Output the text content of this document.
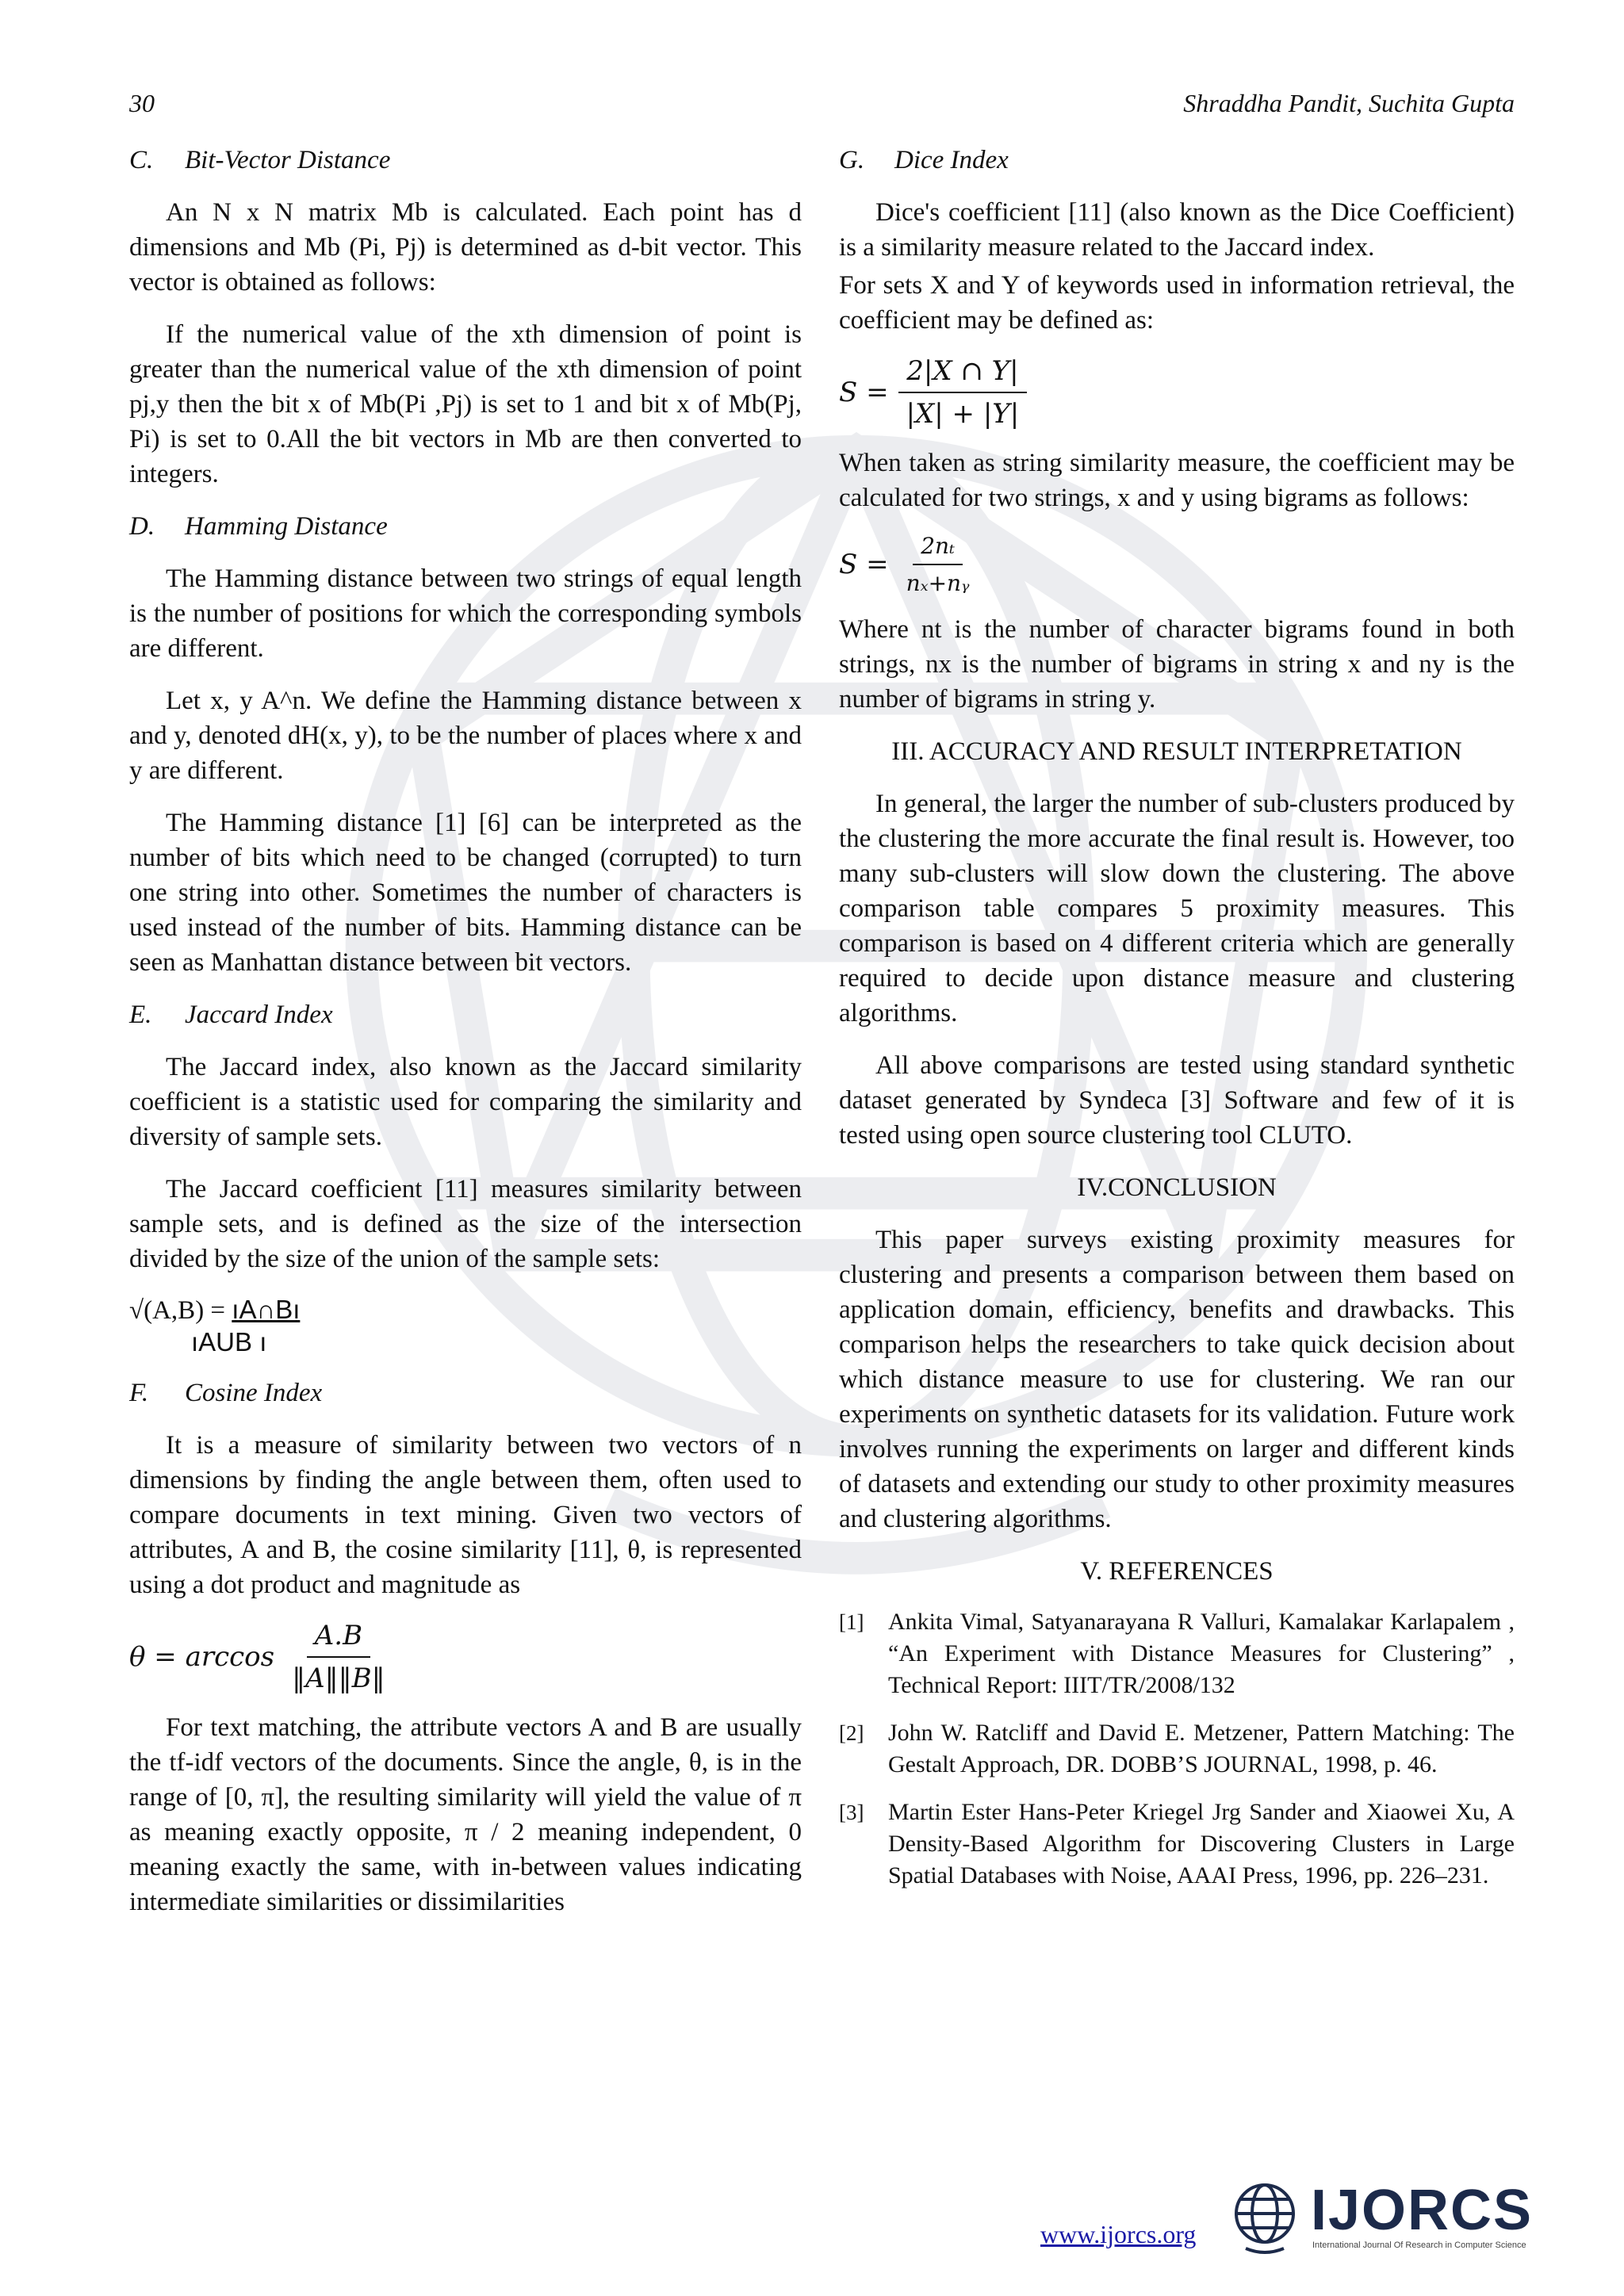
30	Shraddha Pandit, Suchita Gupta
C. Bit-Vector Distance

An N x N matrix Mb is calculated. Each point has d dimensions and Mb (Pi, Pj) is determined as d-bit vector. This vector is obtained as follows:

If the numerical value of the xth dimension of point is greater than the numerical value of the xth dimension of point pj,y then the bit x of Mb(Pi ,Pj) is set to 1 and bit x of Mb(Pj, Pi) is set to 0.All the bit vectors in Mb are then converted to integers.

D. Hamming Distance

The Hamming distance between two strings of equal length is the number of positions for which the corresponding symbols are different.

Let x, y A^n. We define the Hamming distance between x and y, denoted dH(x, y), to be the number of places where x and y are different.

The Hamming distance [1] [6] can be interpreted as the number of bits which need to be changed (corrupted) to turn one string into other. Sometimes the number of characters is used instead of the number of bits. Hamming distance can be seen as Manhattan distance between bit vectors.

E. Jaccard Index

The Jaccard index, also known as the Jaccard similarity coefficient is a statistic used for comparing the similarity and diversity of sample sets.

The Jaccard coefficient [11] measures similarity between sample sets, and is defined as the size of the intersection divided by the size of the union of the sample sets:

√(A,B) = ıA∩Bı
ıAUB ı
F. Cosine Index

It is a measure of similarity between two vectors of n dimensions by finding the angle between them, often used to compare documents in text mining. Given two vectors of attributes, A and B, the cosine similarity [11], θ, is represented using a dot product and magnitude as

$\theta = \arccos \frac{A.B}{‖A‖‖B‖}$

For text matching, the attribute vectors A and B are usually the tf-idf vectors of the documents. Since the angle, θ, is in the range of [0, π], the resulting similarity will yield the value of π as meaning exactly opposite, π / 2 meaning independent, 0 meaning exactly the same, with in-between values indicating intermediate similarities or dissimilarities

G. Dice Index

Dice's coefficient [11] (also known as the Dice Coefficient) is a similarity measure related to the Jaccard index.

For sets X and Y of keywords used in information retrieval, the coefficient may be defined as:

$S = \frac{2|X \cap Y|}{|X| + |Y|}$

When taken as string similarity measure, the coefficient may be calculated for two strings, x and y using bigrams as follows:

$S = \frac{\text{2nₜ}}{\text{nₓ+nᵧ}}$

Where nt is the number of character bigrams found in both strings, nx is the number of bigrams in string x and ny is the number of bigrams in string y.

III. ACCURACY AND RESULT INTERPRETATION

In general, the larger the number of sub-clusters produced by the clustering the more accurate the final result is. However, too many sub-clusters will slow down the clustering. The above comparison table compares 5 proximity measures. This comparison is based on 4 different criteria which are generally required to decide upon distance measure and clustering algorithms.

All above comparisons are tested using standard synthetic dataset generated by Syndeca [3] Software and few of it is tested using open source clustering tool CLUTO.

IV.CONCLUSION

This paper surveys existing proximity measures for clustering and presents a comparison between them based on application domain, efficiency, benefits and drawbacks. This comparison helps the researchers to take quick decision about which distance measure to use for clustering. We ran our experiments on synthetic datasets for its validation. Future work involves running the experiments on larger and different kinds of datasets and extending our study to other proximity measures and clustering algorithms.

V. REFERENCES
[1]	Ankita Vimal, Satyanarayana R Valluri, Kamalakar Karlapalem , “An Experiment with Distance Measures for Clustering” , Technical Report: IIIT/TR/2008/132
[2]	John W. Ratcliff and David E. Metzener, Pattern Matching: The Gestalt Approach, DR. DOBB’S JOURNAL, 1998, p. 46.
[3]	Martin Ester Hans-Peter Kriegel Jrg Sander and Xiaowei Xu, A Density-Based Algorithm for Discovering Clusters in Large Spatial Databases with Noise, AAAI Press, 1996, pp. 226–231.
www.ijorcs.org IJORCS
International Journal Of Research in Computer Science
